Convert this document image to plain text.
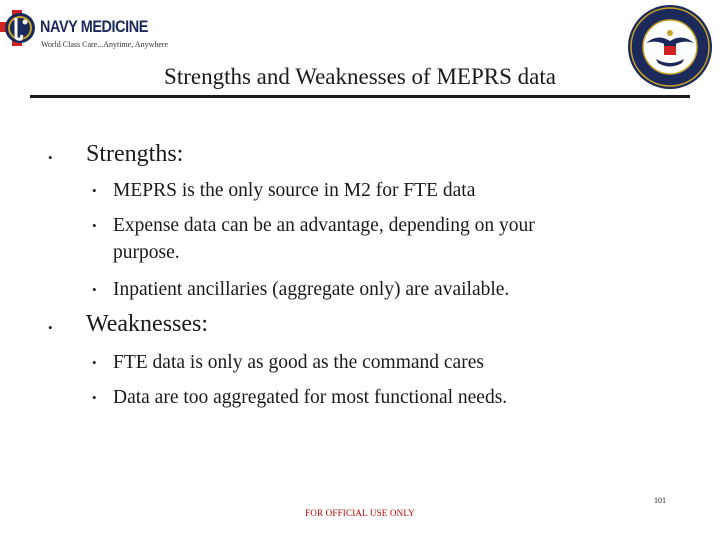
NAVY MEDICINE
World Class Care...Anytime, Anywhere
Strengths and Weaknesses of MEPRS data
• Strengths:
• MEPRS is the only source in M2 for FTE data
• Expense data can be an advantage, depending on your
purpose.
• Inpatient ancillaries (aggregate only) are available.
• Weaknesses:
• FTE data is only as good as the command cares
• Data are too aggregated for most functional needs.
101
FOR OFFICIAL USE ONLY
